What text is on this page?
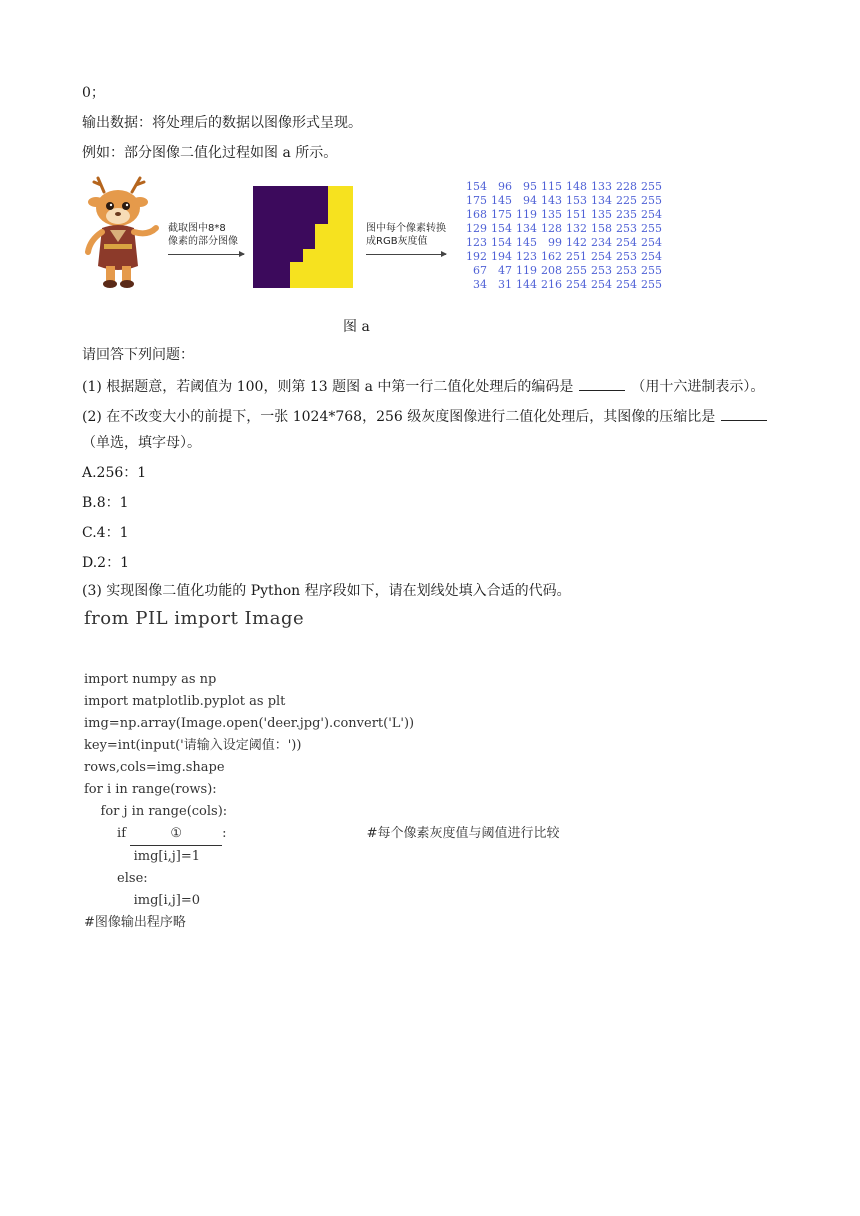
0；
输出数据：将处理后的数据以图像形式呈现。
例如：部分图像二值化过程如图 a 所示。
截取图中8*8
像素的部分图像
图中每个像素转换
成RGB灰度值
154	96	95 115 148 133 228 255
175 145	94 143 153 134 225 255
168 175 119 135 151 135 235 254
129 154 134 128 132 158 253 255
123 154 145	99 142 234 254 254
192 194 123 162 251 254 253 254
67	47 119 208 255 253 253 255
34	31 144 216 254 254 254 255
图 a
请回答下列问题：
(1) 根据题意，若阈值为 100，则第 13 题图 a 中第一行二值化处理后的编码是	（用十六进制表示）。
(2) 在不改变大小的前提下，一张 1024*768，256 级灰度图像进行二值化处理后，其图像的压缩比是
（单选，填字母）。
A.256：1
B.8：1
C.4：1
D.2：1
(3) 实现图像二值化功能的 Python 程序段如下，请在划线处填入合适的代码。
from PIL import Image

import numpy as np
import matplotlib.pyplot as plt
img=np.array(Image.open('deer.jpg').convert('L'))
key=int(input('请输入设定阈值：'))
rows,cols=img.shape
for i in range(rows):
for j in range(cols):
if	①	:	#每个像素灰度值与阈值进行比较
img[i,j]=1
else:
img[i,j]=0
#图像输出程序略
